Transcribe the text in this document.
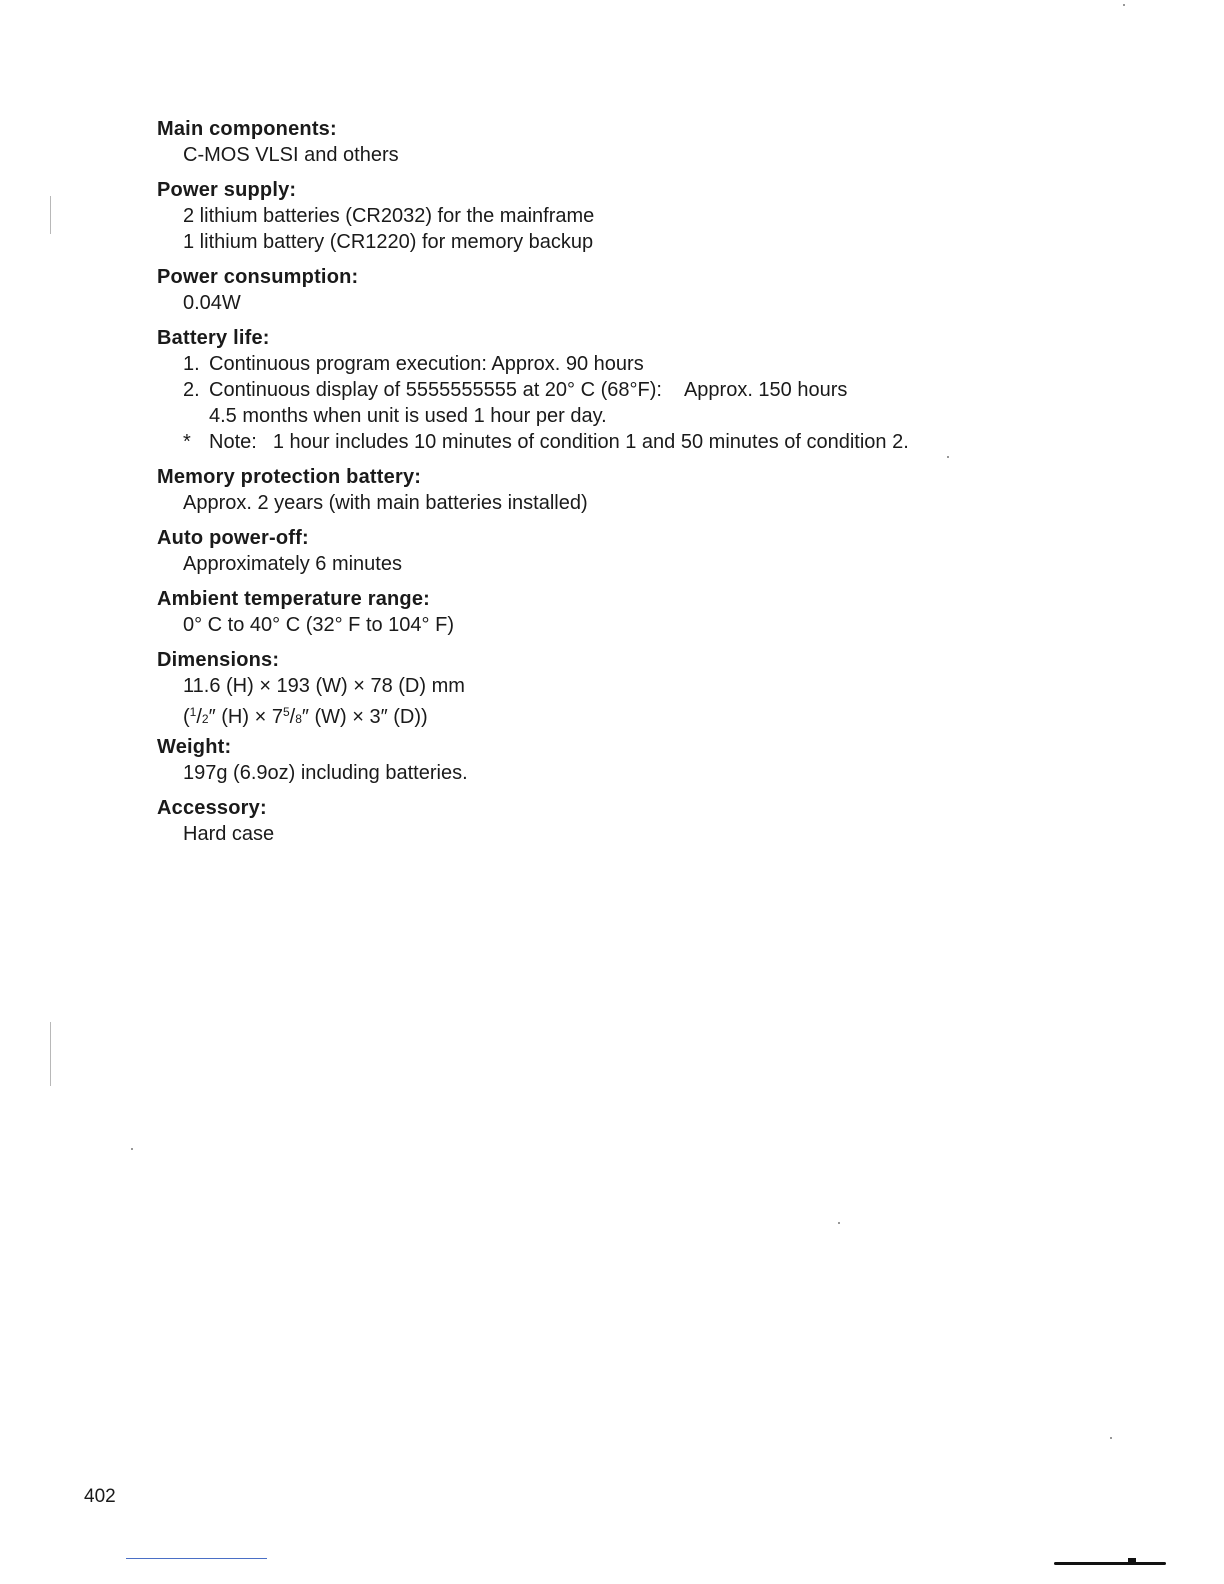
Main components:
C-MOS VLSI and others
Power supply:
2 lithium batteries (CR2032) for the mainframe
1 lithium battery (CR1220) for memory backup
Power consumption:
0.04W
Battery life:
1. Continuous program execution: Approx. 90 hours
2. Continuous display of 5555555555 at 20° C (68°F): Approx. 150 hours
4.5 months when unit is used 1 hour per day.
* Note: 1 hour includes 10 minutes of condition 1 and 50 minutes of condition 2.
Memory protection battery:
Approx. 2 years (with main batteries installed)
Auto power-off:
Approximately 6 minutes
Ambient temperature range:
0° C to 40° C (32° F to 104° F)
Dimensions:
11.6 (H) × 193 (W) × 78 (D) mm
($^1$/2″ $(H) \times 7^5/8''$ (W) × 3″ (D))
Weight:
197g (6.9oz) including batteries.
Accessory:
Hard case
402
